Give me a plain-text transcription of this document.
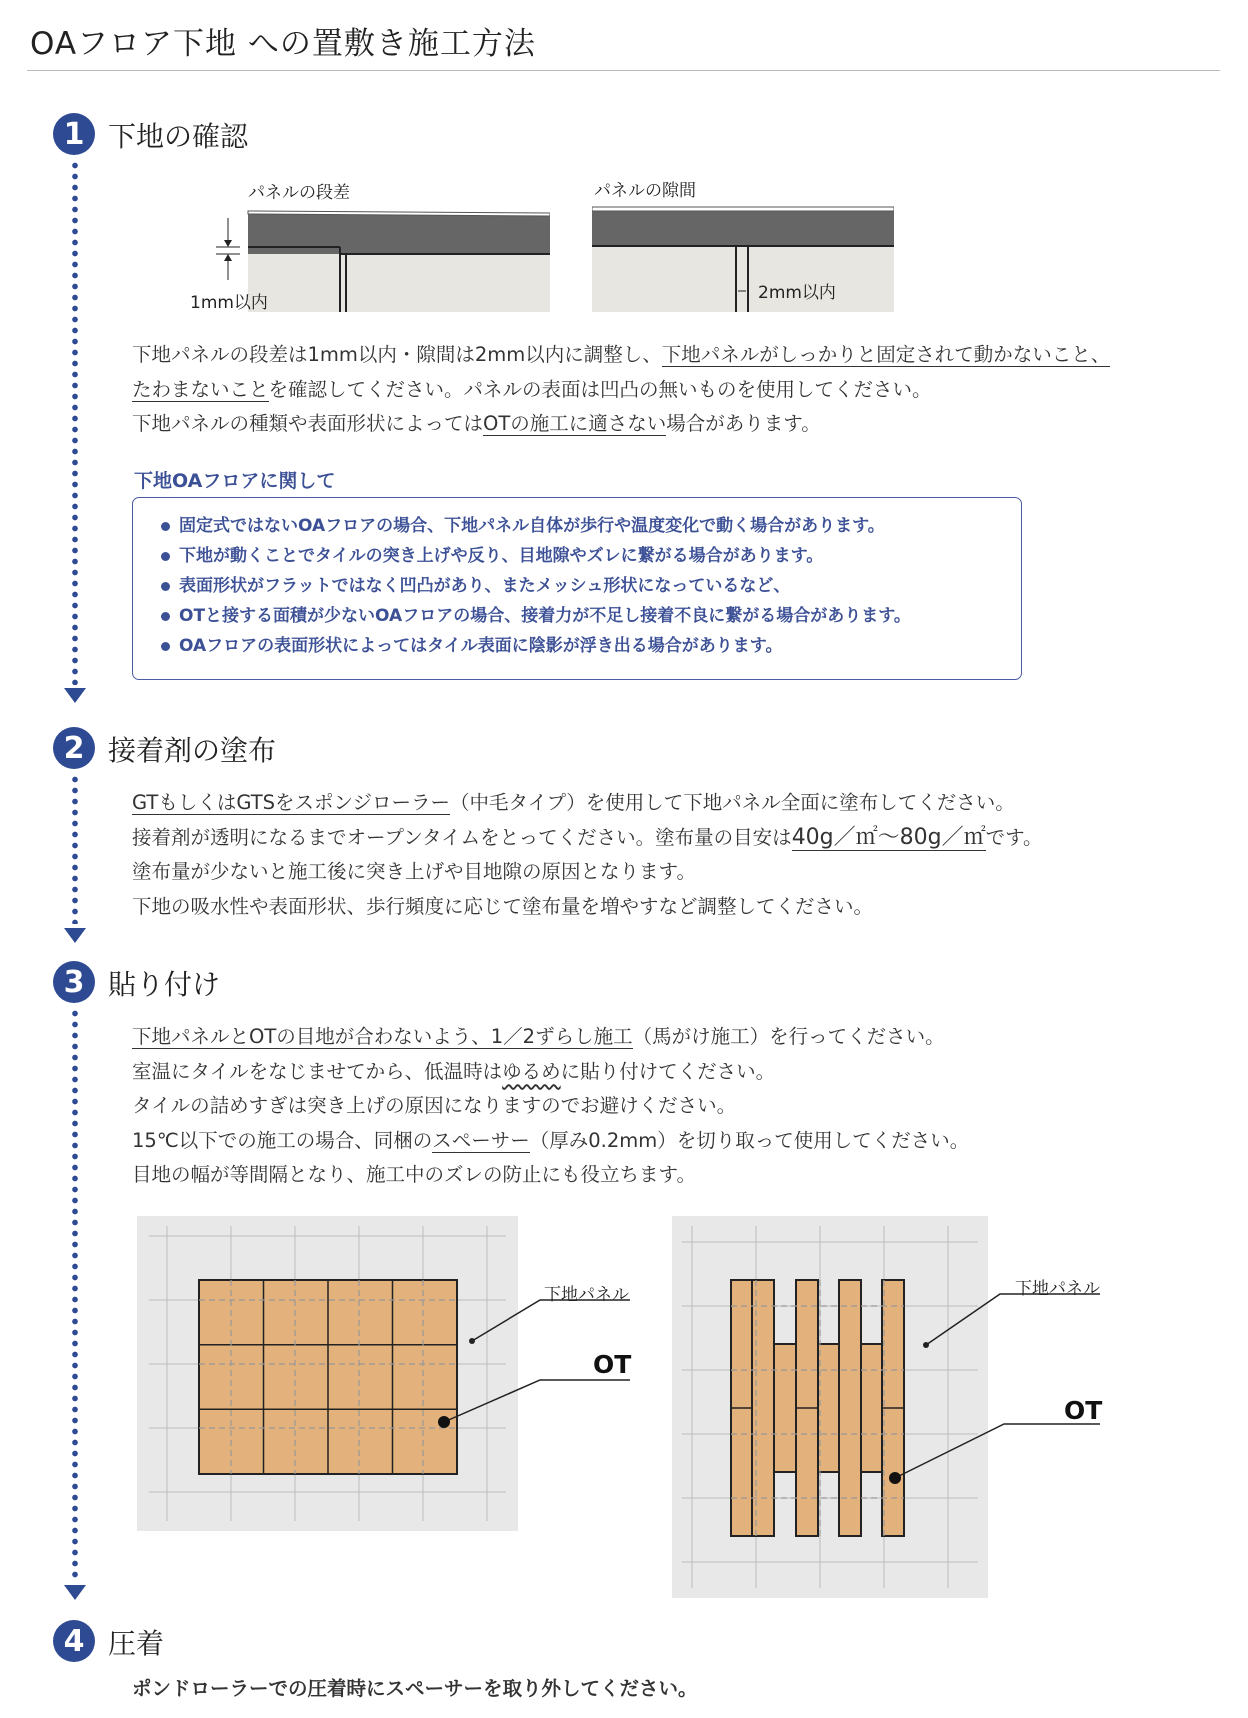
OAフロア下地 への置敷き施工方法
1 下地の確認
パネルの段差
1mm以内
パネルの隙間
2mm以内

下地パネルの段差は1mm以内・隙間は2mm以内に調整し、下地パネルがしっかりと固定されて動かないこと、

たわまないことを確認してください。パネルの表面は凹凸の無いものを使用してください。

下地パネルの種類や表面形状によってはOTの施工に適さない場合があります。

下地OAフロアに関して
固定式ではないOAフロアの場合、下地パネル自体が歩行や温度変化で動く場合があります。
下地が動くことでタイルの突き上げや反り、目地隙やズレに繋がる場合があります。
表面形状がフラットではなく凹凸があり、またメッシュ形状になっているなど、
OTと接する面積が少ないOAフロアの場合、接着力が不足し接着不良に繋がる場合があります。
OAフロアの表面形状によってはタイル表面に陰影が浮き出る場合があります。
2 接着剤の塗布

GTもしくはGTSをスポンジローラー（中毛タイプ）を使用して下地パネル全面に塗布してください。

接着剤が透明になるまでオープンタイムをとってください。塗布量の目安は40g／㎡〜80g／㎡です。

塗布量が少ないと施工後に突き上げや目地隙の原因となります。

下地の吸水性や表面形状、歩行頻度に応じて塗布量を増やすなど調整してください。

3 貼り付け

下地パネルとOTの目地が合わないよう、1／2ずらし施工（馬がけ施工）を行ってください。

室温にタイルをなじませてから、低温時はゆるめに貼り付けてください。

タイルの詰めすぎは突き上げの原因になりますのでお避けください。

15℃以下での施工の場合、同梱のスペーサー（厚み0.2mm）を切り取って使用してください。

目地の幅が等間隔となり、施工中のズレの防止にも役立ちます。

下地パネル
OT
下地パネル
OT
4 圧着
ポンドローラーでの圧着時にスペーサーを取り外してください。
